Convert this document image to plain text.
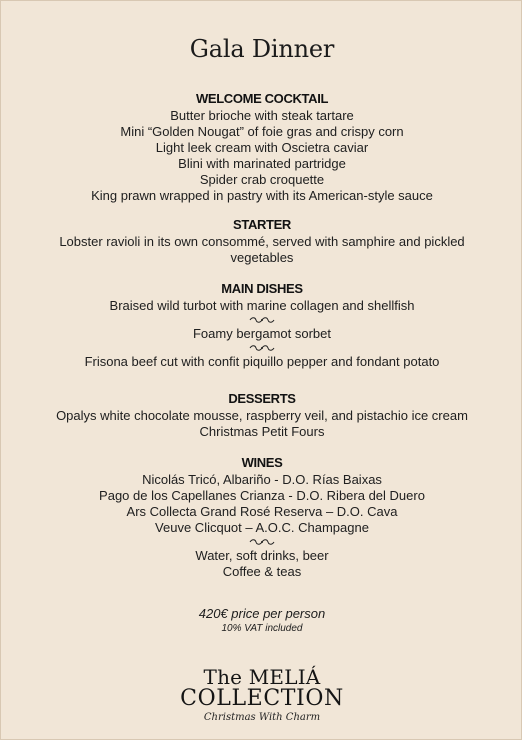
Gala Dinner
WELCOME COCKTAIL
Butter brioche with steak tartare
Mini “Golden Nougat” of foie gras and crispy corn
Light leek cream with Oscietra caviar
Blini with marinated partridge
Spider crab croquette
King prawn wrapped in pastry with its American-style sauce
STARTER
Lobster ravioli in its own consommé, served with samphire and pickled vegetables
MAIN DISHES
Braised wild turbot with marine collagen and shellfish
Foamy bergamot sorbet
Frisona beef cut with confit piquillo pepper and fondant potato
DESSERTS
Opalys white chocolate mousse, raspberry veil, and pistachio ice cream
Christmas Petit Fours
WINES
Nicolás Tricó, Albariño - D.O. Rías Baixas
Pago de los Capellanes Crianza - D.O. Ribera del Duero
Ars Collecta Grand Rosé Reserva – D.O. Cava
Veuve Clicquot – A.O.C. Champagne
Water, soft drinks, beer
Coffee & teas
420€ price per person
10% VAT included
The MELIÁ
COLLECTION
Christmas With Charm
